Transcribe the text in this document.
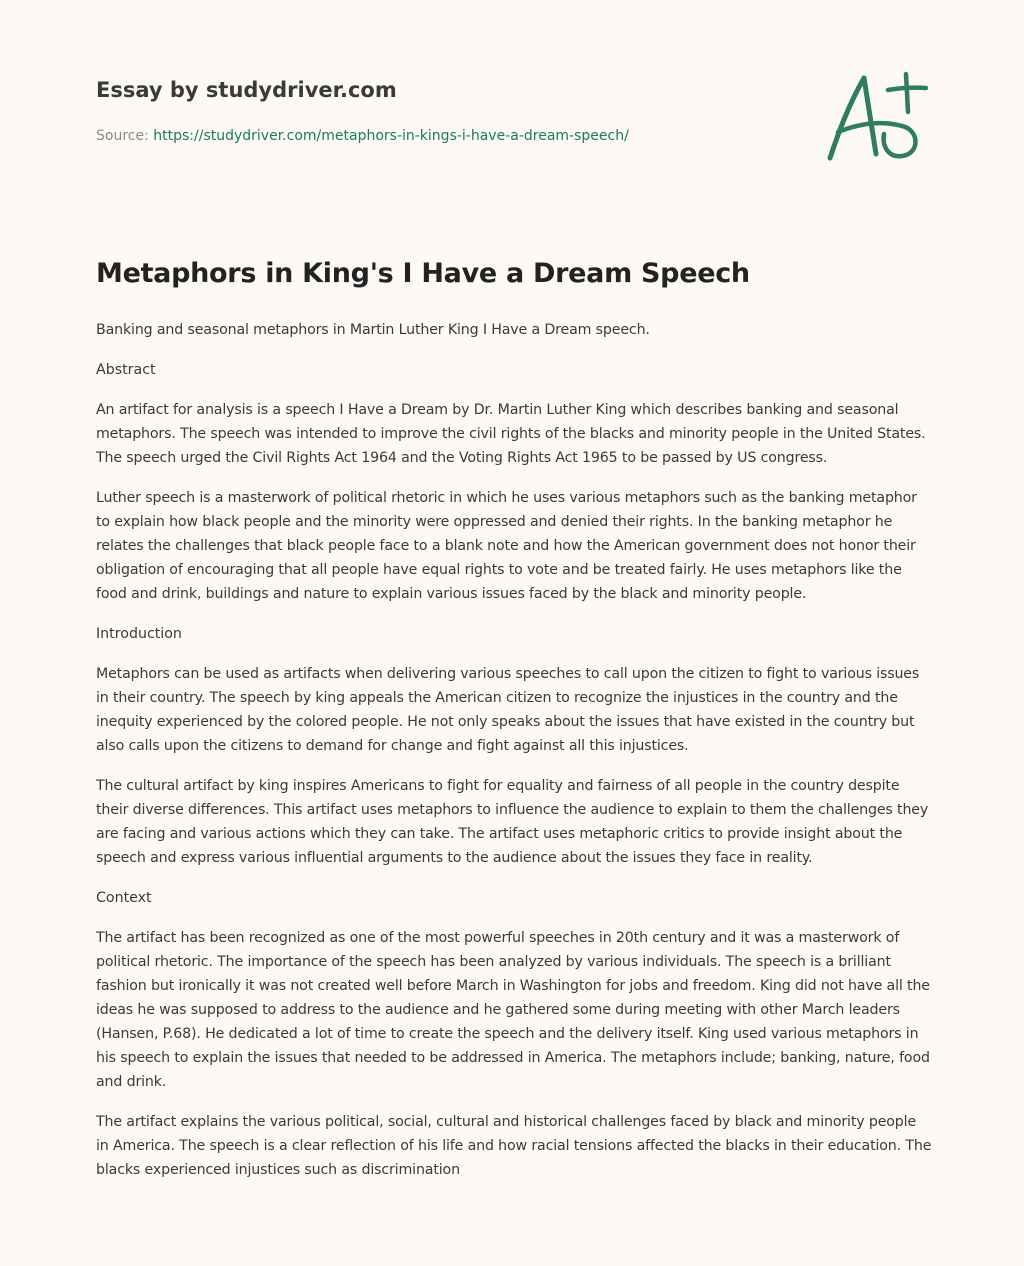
Essay by studydriver.com
Source: https://studydriver.com/metaphors-in-kings-i-have-a-dream-speech/
Metaphors in King's I Have a Dream Speech

Banking and seasonal metaphors in Martin Luther King I Have a Dream speech.

Abstract

An artifact for analysis is a speech I Have a Dream by Dr. Martin Luther King which describes banking and seasonal metaphors. The speech was intended to improve the civil rights of the blacks and minority people in the United States. The speech urged the Civil Rights Act 1964 and the Voting Rights Act 1965 to be passed by US congress.

Luther speech is a masterwork of political rhetoric in which he uses various metaphors such as the banking metaphor to explain how black people and the minority were oppressed and denied their rights. In the banking metaphor he relates the challenges that black people face to a blank note and how the American government does not honor their obligation of encouraging that all people have equal rights to vote and be treated fairly. He uses metaphors like the food and drink, buildings and nature to explain various issues faced by the black and minority people.

Introduction

Metaphors can be used as artifacts when delivering various speeches to call upon the citizen to fight to various issues in their country. The speech by king appeals the American citizen to recognize the injustices in the country and the inequity experienced by the colored people. He not only speaks about the issues that have existed in the country but also calls upon the citizens to demand for change and fight against all this injustices.

The cultural artifact by king inspires Americans to fight for equality and fairness of all people in the country despite their diverse differences. This artifact uses metaphors to influence the audience to explain to them the challenges they are facing and various actions which they can take. The artifact uses metaphoric critics to provide insight about the speech and express various influential arguments to the audience about the issues they face in reality.

Context

The artifact has been recognized as one of the most powerful speeches in 20th century and it was a masterwork of political rhetoric. The importance of the speech has been analyzed by various individuals. The speech is a brilliant fashion but ironically it was not created well before March in Washington for jobs and freedom. King did not have all the ideas he was supposed to address to the audience and he gathered some during meeting with other March leaders (Hansen, P.68). He dedicated a lot of time to create the speech and the delivery itself. King used various metaphors in his speech to explain the issues that needed to be addressed in America. The metaphors include; banking, nature, food and drink.

The artifact explains the various political, social, cultural and historical challenges faced by black and minority people in America. The speech is a clear reflection of his life and how racial tensions affected the blacks in their education. The blacks experienced injustices such as discrimination
